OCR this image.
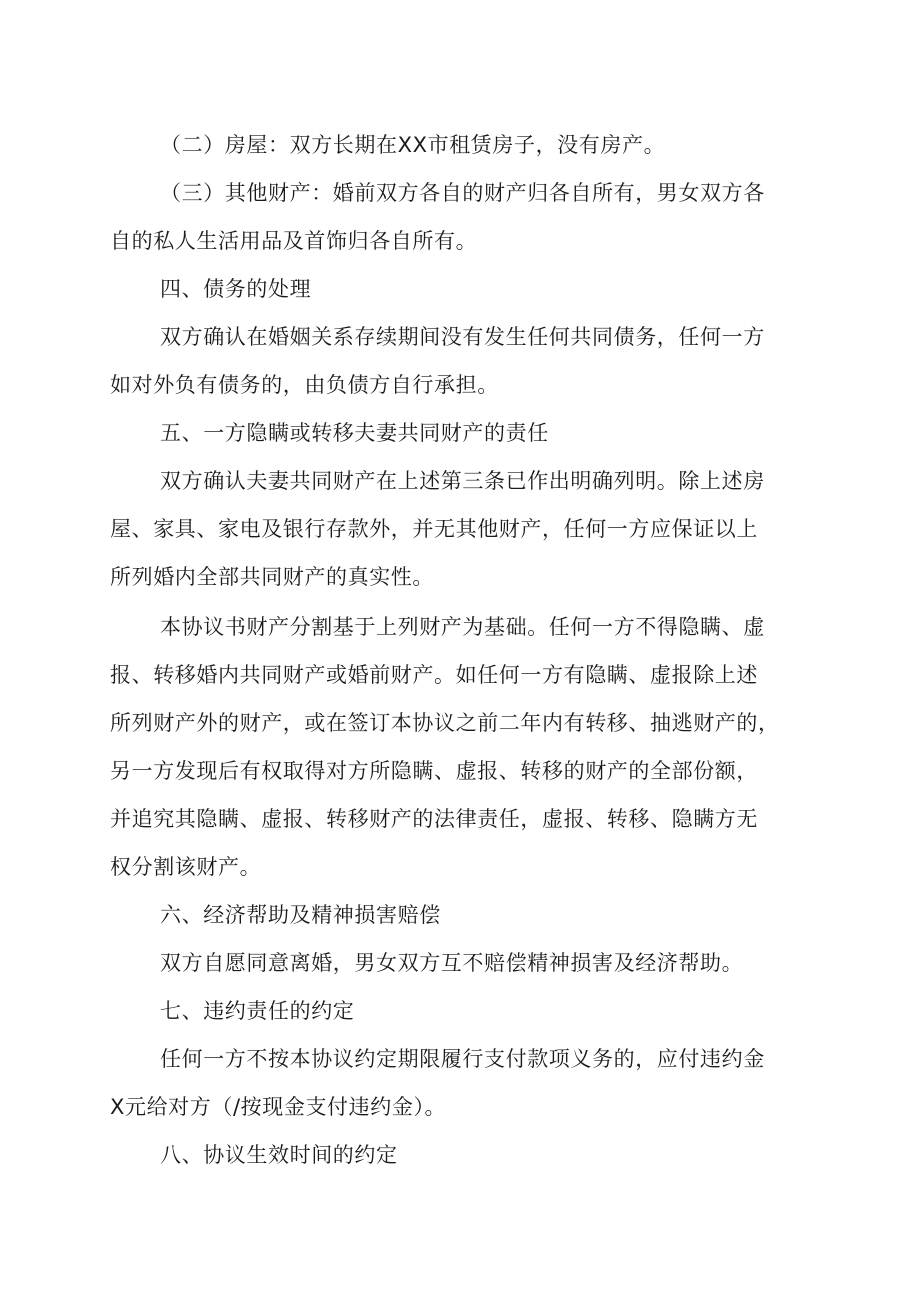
（二）房屋：双方长期在XX市租赁房子，没有房产。

（三）其他财产：婚前双方各自的财产归各自所有，男女双方各

自的私人生活用品及首饰归各自所有。

四、债务的处理

双方确认在婚姻关系存续期间没有发生任何共同债务，任何一方

如对外负有债务的，由负债方自行承担。

五、一方隐瞒或转移夫妻共同财产的责任

双方确认夫妻共同财产在上述第三条已作出明确列明。除上述房

屋、家具、家电及银行存款外，并无其他财产，任何一方应保证以上

所列婚内全部共同财产的真实性。

本协议书财产分割基于上列财产为基础。任何一方不得隐瞒、虚

报、转移婚内共同财产或婚前财产。如任何一方有隐瞒、虚报除上述

所列财产外的财产，或在签订本协议之前二年内有转移、抽逃财产的，

另一方发现后有权取得对方所隐瞒、虚报、转移的财产的全部份额，

并追究其隐瞒、虚报、转移财产的法律责任，虚报、转移、隐瞒方无

权分割该财产。

六、经济帮助及精神损害赔偿

双方自愿同意离婚，男女双方互不赔偿精神损害及经济帮助。

七、违约责任的约定

任何一方不按本协议约定期限履行支付款项义务的，应付违约金

X元给对方（/按现金支付违约金）。

八、协议生效时间的约定
